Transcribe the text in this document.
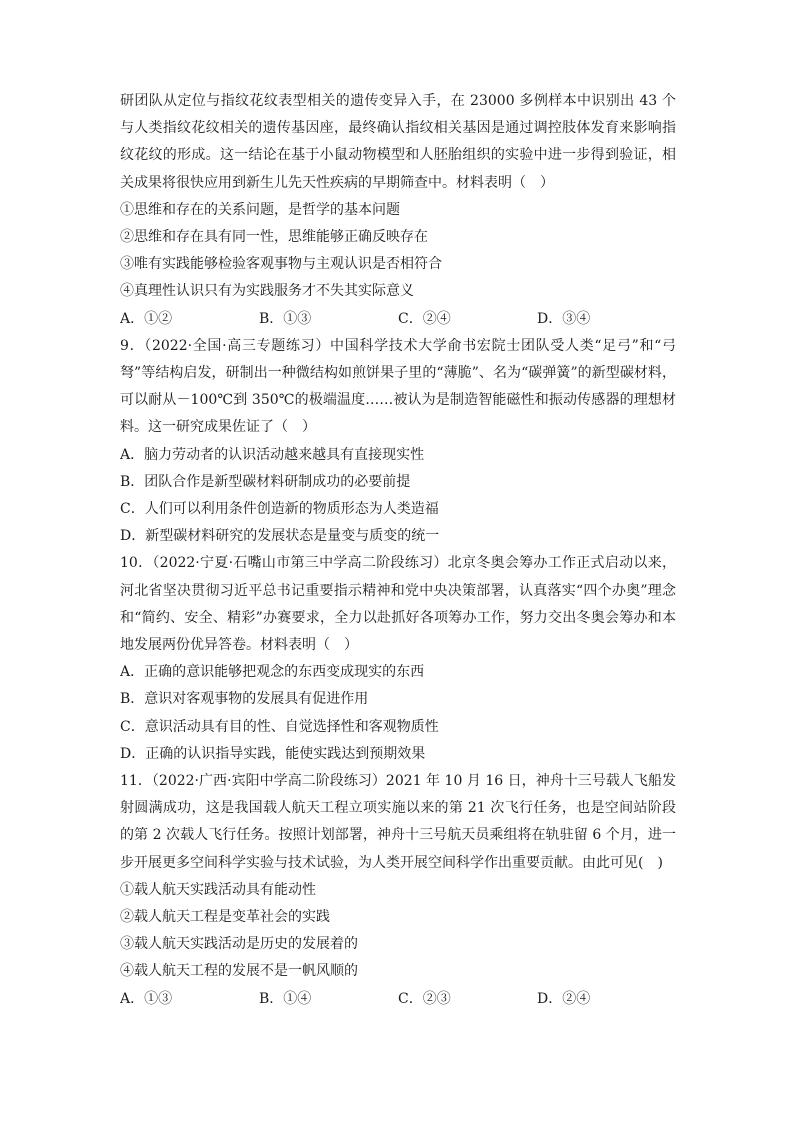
研团队从定位与指纹花纹表型相关的遗传变异入手，在 23000 多例样本中识别出 43 个与人类指纹花纹相关的遗传基因座，最终确认指纹相关基因是通过调控肢体发育来影响指纹花纹的形成。这一结论在基于小鼠动物模型和人胚胎组织的实验中进一步得到验证，相关成果将很快应用到新生儿先天性疾病的早期筛查中。材料表明（　）

①思维和存在的关系问题，是哲学的基本问题

②思维和存在具有同一性，思维能够正确反映存在

③唯有实践能够检验客观事物与主观认识是否相符合

④真理性认识只有为实践服务才不失其实际意义

A．①②	B．①③	C．②④	D．③④

9．（2022·全国·高三专题练习）中国科学技术大学俞书宏院士团队受人类“足弓”和“弓弩”等结构启发，研制出一种微结构如煎饼果子里的“薄脆”、名为“碳弹簧”的新型碳材料，可以耐从－100℃到 350℃的极端温度……被认为是制造智能磁性和振动传感器的理想材料。这一研究成果佐证了（　）

A．脑力劳动者的认识活动越来越具有直接现实性

B．团队合作是新型碳材料研制成功的必要前提

C．人们可以利用条件创造新的物质形态为人类造福

D．新型碳材料研究的发展状态是量变与质变的统一

10．（2022·宁夏·石嘴山市第三中学高二阶段练习）北京冬奥会筹办工作正式启动以来，河北省坚决贯彻习近平总书记重要指示精神和党中央决策部署，认真落实“四个办奥”理念和“简约、安全、精彩”办赛要求，全力以赴抓好各项筹办工作，努力交出冬奥会筹办和本地发展两份优异答卷。材料表明（　）

A．正确的意识能够把观念的东西变成现实的东西

B．意识对客观事物的发展具有促进作用

C．意识活动具有目的性、自觉选择性和客观物质性

D．正确的认识指导实践，能使实践达到预期效果

11．（2022·广西·宾阳中学高二阶段练习）2021 年 10 月 16 日，神舟十三号载人飞船发射圆满成功，这是我国载人航天工程立项实施以来的第 21 次飞行任务，也是空间站阶段的第 2 次载人飞行任务。按照计划部署，神舟十三号航天员乘组将在轨驻留 6 个月，进一步开展更多空间科学实验与技术试验，为人类开展空间科学作出重要贡献。由此可见(　)

①载人航天实践活动具有能动性

②载人航天工程是变革社会的实践

③载人航天实践活动是历史的发展着的

④载人航天工程的发展不是一帆风顺的

A．①③	B．①④	C．②③	D．②④
